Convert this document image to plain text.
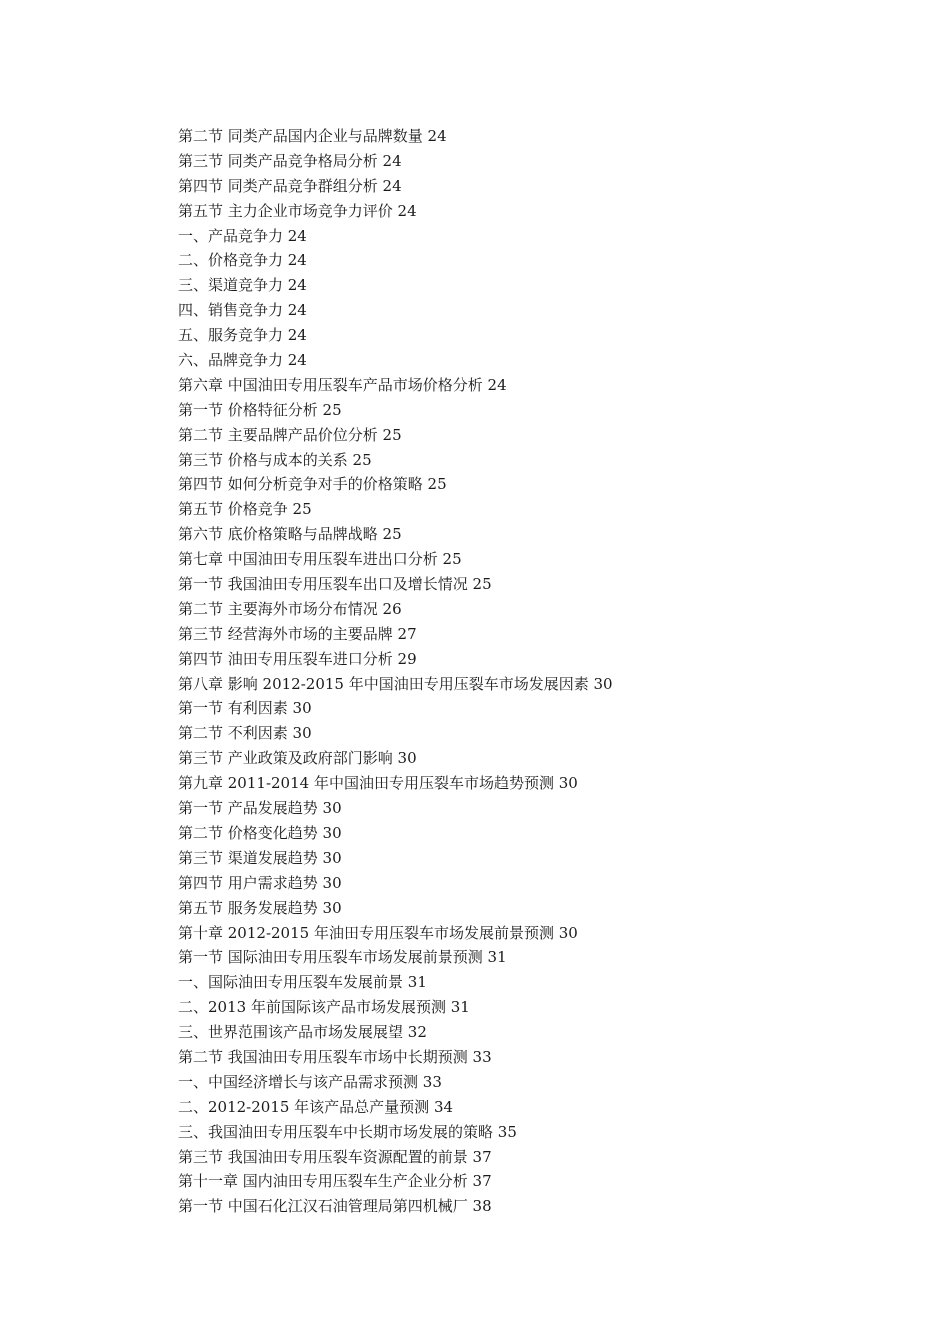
第二节 同类产品国内企业与品牌数量 24
第三节 同类产品竞争格局分析 24
第四节 同类产品竞争群组分析 24
第五节 主力企业市场竞争力评价 24
一、产品竞争力 24
二、价格竞争力 24
三、渠道竞争力 24
四、销售竞争力 24
五、服务竞争力 24
六、品牌竞争力 24
第六章 中国油田专用压裂车产品市场价格分析 24
第一节 价格特征分析 25
第二节 主要品牌产品价位分析 25
第三节 价格与成本的关系 25
第四节 如何分析竞争对手的价格策略 25
第五节 价格竞争 25
第六节 底价格策略与品牌战略 25
第七章 中国油田专用压裂车进出口分析 25
第一节 我国油田专用压裂车出口及增长情况 25
第二节 主要海外市场分布情况 26
第三节 经营海外市场的主要品牌 27
第四节 油田专用压裂车进口分析 29
第八章 影响 2012-2015 年中国油田专用压裂车市场发展因素 30
第一节 有利因素 30
第二节 不利因素 30
第三节 产业政策及政府部门影响 30
第九章 2011-2014 年中国油田专用压裂车市场趋势预测 30
第一节 产品发展趋势 30
第二节 价格变化趋势 30
第三节 渠道发展趋势 30
第四节 用户需求趋势 30
第五节 服务发展趋势 30
第十章 2012-2015 年油田专用压裂车市场发展前景预测 30
第一节 国际油田专用压裂车市场发展前景预测 31
一、国际油田专用压裂车发展前景 31
二、2013 年前国际该产品市场发展预测 31
三、世界范围该产品市场发展展望 32
第二节 我国油田专用压裂车市场中长期预测 33
一、中国经济增长与该产品需求预测 33
二、2012-2015 年该产品总产量预测 34
三、我国油田专用压裂车中长期市场发展的策略 35
第三节 我国油田专用压裂车资源配置的前景 37
第十一章 国内油田专用压裂车生产企业分析 37
第一节 中国石化江汉石油管理局第四机械厂 38
